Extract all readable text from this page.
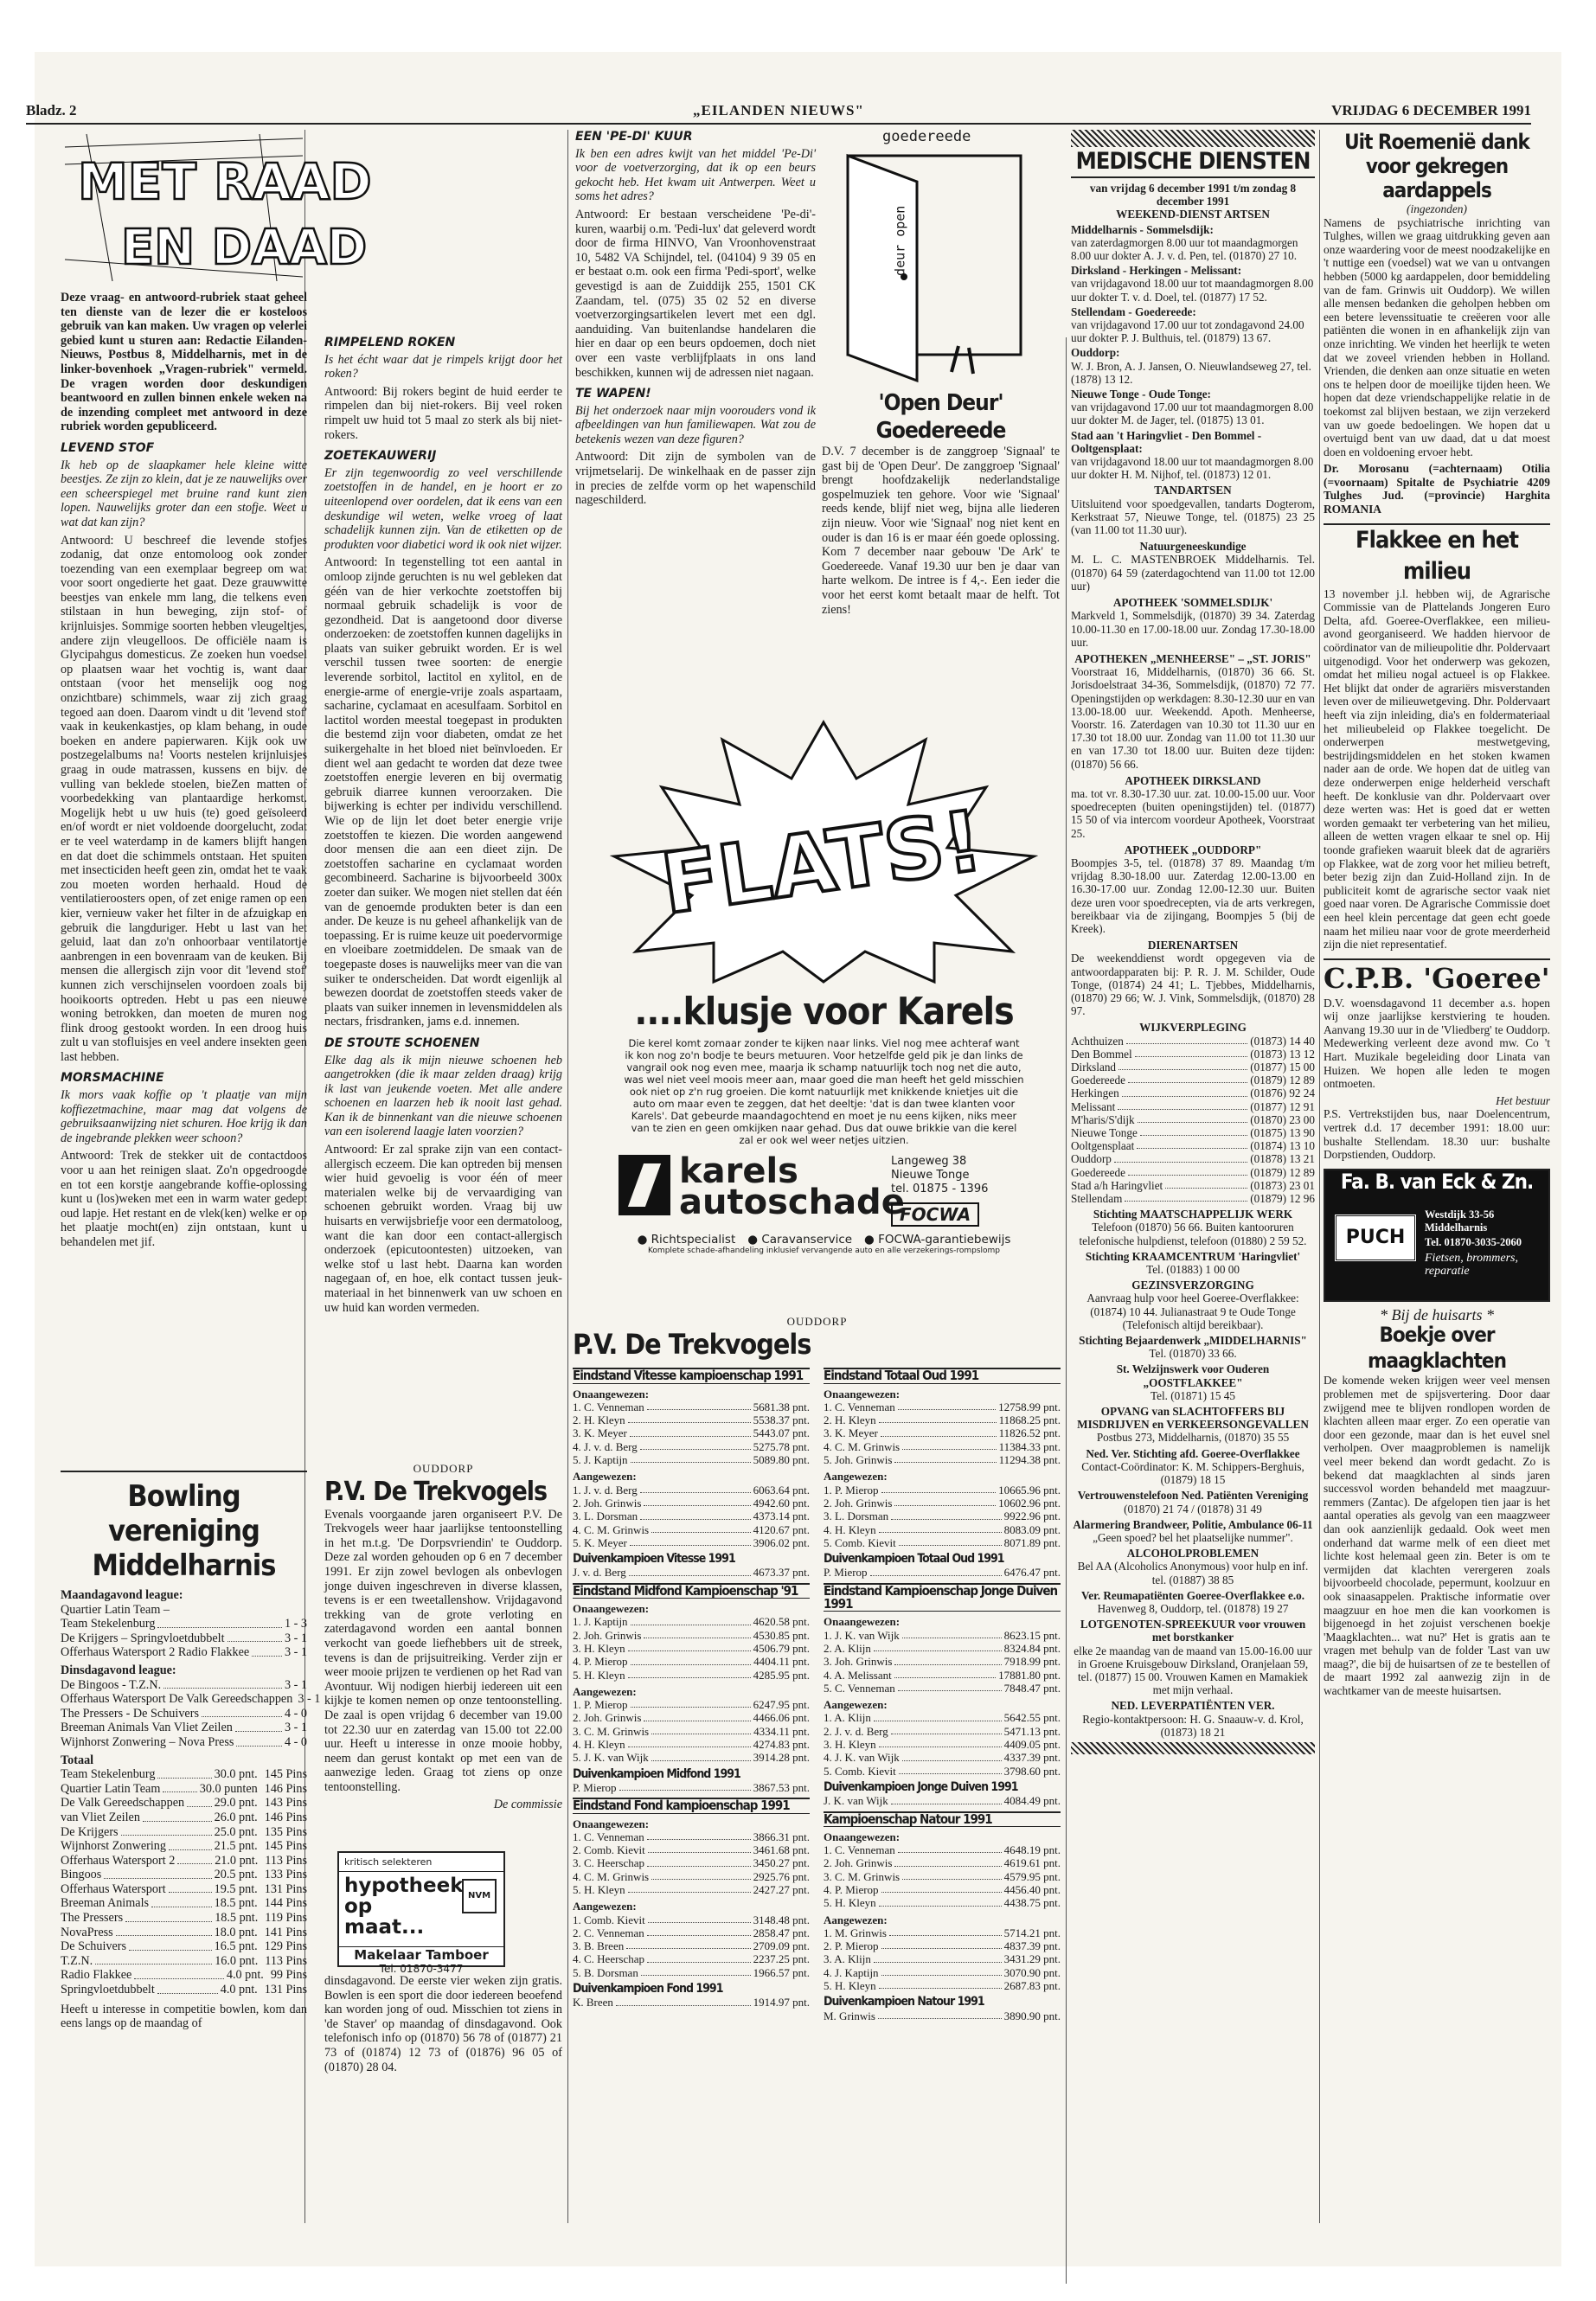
Bladz. 2	„EILANDEN NIEUWS"	VRIJDAG 6 DECEMBER 1991
MET RAAD
EN DAAD

Deze vraag- en antwoord-rubriek staat geheel ten dienste van de lezer die er kosteloos gebruik van kan maken. Uw vragen op velerlei gebied kunt u sturen aan: Redactie Eilanden-Nieuws, Postbus 8, Middelharnis, met in de linker-bovenhoek „Vragen-rubriek" vermeld. De vragen worden door deskundigen beantwoord en zullen binnen enkele weken na de inzending compleet met antwoord in deze rubriek worden gepubliceerd.

LEVEND STOF

Ik heb op de slaapkamer hele kleine witte beestjes. Ze zijn zo klein, dat je ze nauwelijks over een scheerspiegel met bruine rand kunt zien lopen. Nauwelijks groter dan een stofje. Weet u wat dat kan zijn?

Antwoord: U beschreef die levende stofjes zodanig, dat onze entomoloog ook zonder toezending van een exemplaar begreep om wat voor soort ongedierte het gaat. Deze grauwwitte beestjes van enkele mm lang, die telkens even stilstaan in hun beweging, zijn stof- of krijnluisjes. Sommige soorten hebben vleugeltjes, andere zijn vleugelloos. De officiële naam is Glycipahgus domesticus. Ze zoeken hun voedsel op plaatsen waar het vochtig is, want daar ontstaan (voor het menselijk oog nog onzichtbare) schimmels, waar zij zich graag tegoed aan doen. Daarom vindt u dit 'levend stof' vaak in keukenkastjes, op klam behang, in oude boeken en andere papierwaren. Kijk ook uw postzegelalbums na! Voorts nestelen krijnluisjes graag in oude matrassen, kussens en bijv. de vulling van beklede stoelen, bieZen matten of voorbedekking van plantaardige herkomst. Mogelijk hebt u uw huis (te) goed geïsoleerd en/of wordt er niet voldoende doorgelucht, zodat er te veel waterdamp in de kamers blijft hangen en dat doet die schimmels ontstaan. Het spuiten met insecticiden heeft geen zin, omdat het te vaak zou moeten worden herhaald. Houd de ventilatieroosters open, of zet enige ramen op een kier, vernieuw vaker het filter in de afzuigkap en gebruik die langduriger. Hebt u last van het geluid, laat dan zo'n onhoorbaar ventilatortje aanbrengen in een bovenraam van de keuken. Bij mensen die allergisch zijn voor dit 'levend stof' kunnen zich verschijnselen voordoen zoals bij hooikoorts optreden. Hebt u pas een nieuwe woning betrokken, dan moeten de muren nog flink droog gestookt worden. In een droog huis zult u van stofluisjes en veel andere insekten geen last hebben.

MORSMACHINE

Ik mors vaak koffie op 't plaatje van mijn koffiezetmachine, maar mag dat volgens de gebruiksaanwijzing niet schuren. Hoe krijg ik dan de ingebrande plekken weer schoon?

Antwoord: Trek de stekker uit de contactdoos voor u aan het reinigen slaat. Zo'n opgedroogde en tot een korstje aangebrande koffie-oplossing kunt u (los)weken met een in warm water gedept oud lapje. Het restant en de vlek(ken) welke er op het plaatje mocht(en) zijn ontstaan, kunt u behandelen met jif.

Bowling vereniging
Middelharnis
Maandagavond league:
Quartier Latin Team –
Team Stekelenburg	1 - 3
De Krijgers – Springvloetdubbelt	3 - 1
Offerhaus Watersport 2 Radio Flakkee	3 - 1
Dinsdagavond league:
De Bingoos - T.Z.N.	3 - 1
Offerhaus Watersport De Valk Gereedschappen 3 - 1
The Pressers - De Schuivers	4 - 0
Breeman Animals Van Vliet Zeilen	3 - 1
Wijnhorst Zonwering – Nova Press	4 - 0
Totaal
Team Stekelenburg	30.0 pnt. 145 Pins
Quartier Latin Team	30.0 punten 146 Pins
De Valk Gereedschappen 29.0 pnt. 143 Pins
van Vliet Zeilen	26.0 pnt. 146 Pins
De Krijgers	25.0 pnt. 135 Pins
Wijnhorst Zonwering	21.5 pnt. 145 Pins
Offerhaus Watersport 2	21.0 pnt. 113 Pins
Bingoos	20.5 pnt. 133 Pins
Offerhaus Watersport	19.5 pnt. 131 Pins
Breeman Animals	18.5 pnt. 144 Pins
The Pressers	18.5 pnt. 119 Pins
NovaPress	18.0 pnt. 141 Pins
De Schuivers	16.5 pnt. 129 Pins
T.Z.N.	16.0 pnt. 113 Pins
Radio Flakkee	4.0 pnt. 99 Pins
Springvloetdubbelt	4.0 pnt. 131 Pins

Heeft u interesse in competitie bowlen, kom dan eens langs op de maandag of

RIMPELEND ROKEN

Is het écht waar dat je rimpels krijgt door het roken?

Antwoord: Bij rokers begint de huid eerder te rimpelen dan bij niet-rokers. Bij veel roken rimpelt uw huid tot 5 maal zo sterk als bij niet-rokers.

ZOETEKAUWERIJ

Er zijn tegenwoordig zo veel verschillende zoetstoffen in de handel, en je hoort er zo uiteenlopend over oordelen, dat ik eens van een deskundige wil weten, welke vroeg of laat schadelijk kunnen zijn. Van de etiketten op de produkten voor diabetici word ik ook niet wijzer.

Antwoord: In tegenstelling tot een aantal in omloop zijnde geruchten is nu wel gebleken dat géén van de hier verkochte zoetstoffen bij normaal gebruik schadelijk is voor de gezondheid. Dat is aangetoond door diverse onderzoeken: de zoetstoffen kunnen dagelijks in plaats van suiker gebruikt worden. Er is wel verschil tussen twee soorten: de energie leverende sorbitol, lactitol en xylitol, en de energie-arme of energie-vrije zoals aspartaam, sacharine, cyclamaat en acesulfaam. Sorbitol en lactitol worden meestal toegepast in produkten die bestemd zijn voor diabeten, omdat ze het suikergehalte in het bloed niet beïnvloeden. Er dient wel aan gedacht te worden dat deze twee zoetstoffen energie leveren en bij overmatig gebruik diarree kunnen veroorzaken. Die bijwerking is echter per individu verschillend. Wie op de lijn let doet beter energie vrije zoetstoffen te kiezen. Die worden aangewend door mensen die aan een dieet zijn. De zoetstoffen sacharine en cyclamaat worden gecombineerd. Sacharine is bijvoorbeeld 300x zoeter dan suiker. We mogen niet stellen dat één van de genoemde produkten beter is dan een ander. De keuze is nu geheel afhankelijk van de toepassing. Er is ruime keuze uit poedervormige en vloeibare zoetmiddelen. De smaak van de toegepaste doses is nauwelijks meer van die van suiker te onderscheiden. Dat wordt eigenlijk al bewezen doordat de zoetstoffen steeds vaker de plaats van suiker innemen in levensmiddelen als nectars, frisdranken, jams e.d. innemen.

DE STOUTE SCHOENEN

Elke dag als ik mijn nieuwe schoenen heb aangetrokken (die ik maar zelden draag) krijg ik last van jeukende voeten. Met alle andere schoenen en laarzen heb ik nooit last gehad. Kan ik de binnenkant van die nieuwe schoenen van een isolerend laagje laten voorzien?

Antwoord: Er zal sprake zijn van een contact-allergisch eczeem. Die kan optreden bij mensen wier huid gevoelig is voor één of meer materialen welke bij de vervaardiging van schoenen gebruikt worden. Vraag bij uw huisarts en verwijsbriefje voor een dermatoloog, want die kan door een contact-allergisch onderzoek (epicutoontesten) uitzoeken, van welke stof u last hebt. Daarna kan worden nagegaan of, en hoe, elk contact tussen jeuk-materiaal in het binnenwerk van uw schoen en uw huid kan worden vermeden.

OUDDORP
P.V. De Trekvogels

Evenals voorgaande jaren organiseert P.V. De Trekvogels weer haar jaarlijkse tentoonstelling in het m.t.g. 'De Dorpsvriendin' te Ouddorp. Deze zal worden gehouden op 6 en 7 december 1991. Er zijn zowel bevlogen als onbevlogen jonge duiven ingeschreven in diverse klassen, tevens is er een tweetallenshow. Vrijdagavond trekking van de grote verloting en zaterdagavond worden een aantal bonnen verkocht van goede liefhebbers uit de streek, tevens is dan de prijsuitreiking. Verder zijn er weer mooie prijzen te verdienen op het Rad van Avontuur. Wij nodigen hierbij iedereen uit een kijkje te komen nemen op onze tentoonstelling. De zaal is open vrijdag 6 december van 19.00 tot 22.30 uur en zaterdag van 15.00 tot 22.00 uur. Heeft u interesse in onze mooie hobby, neem dan gerust kontakt op met een van de aanwezige leden. Graag tot ziens op onze tentoonstelling.

De commissie
kritisch selekteren
hypotheek op maat...
NVM
Makelaar Tamboer
Tel. 01870-3477

dinsdagavond. De eerste vier weken zijn gratis. Bowlen is een sport die door iedereen beoefend kan worden jong of oud. Misschien tot ziens in 'de Staver' op maandag of dinsdagavond. Ook telefonisch info op (01870) 56 78 of (01877) 21 73 of (01874) 12 73 of (01876) 96 05 of (01870) 28 04.

EEN 'PE-DI' KUUR

Ik ben een adres kwijt van het middel 'Pe-Di' voor de voetverzorging, dat ik op een beurs gekocht heb. Het kwam uit Antwerpen. Weet u soms het adres?

Antwoord: Er bestaan verscheidene 'Pe-di'-kuren, waarbij o.m. 'Pedi-lux' dat geleverd wordt door de firma HINVO, Van Vroonhovenstraat 10, 5482 VA Schijndel, tel. (04104) 9 39 05 en er bestaat o.m. ook een firma 'Pedi-sport', welke gevestigd is aan de Zuiddijk 255, 1501 CK Zaandam, tel. (075) 35 02 52 en diverse voetverzorgingsartikelen levert met een dgl. aanduiding. Van buitenlandse handelaren die hier en daar op een beurs opdoemen, doch niet over een vaste verblijfplaats in ons land beschikken, kunnen wij de adressen niet nagaan.

TE WAPEN!

Bij het onderzoek naar mijn voorouders vond ik afbeeldingen van hun familiewapen. Wat zou de betekenis wezen van deze figuren?

Antwoord: Dit zijn de symbolen van de vrijmetselarij. De winkelhaak en de passer zijn in precies de zelfde vorm op het wapenschild nageschilderd.

goedereede
deur open
'Open Deur' Goedereede

D.V. 7 december is de zanggroep 'Signaal' te gast bij de 'Open Deur'. De zanggroep 'Signaal' brengt hoofdzakelijk nederlandstalige gospelmuziek ten gehore. Voor wie 'Signaal' reeds kende, blijf niet weg, bijna alle liederen zijn nieuw. Voor wie 'Signaal' nog niet kent en ouder is dan 16 is er maar één goede oplossing. Kom 7 december naar gebouw 'De Ark' te Goedereede. Vanaf 19.30 uur ben je daar van harte welkom. De intree is f 4,-. Een ieder die voor het eerst komt betaalt maar de helft. Tot ziens!

FLATS!
....klusje voor Karels

Die kerel komt zomaar zonder te kijken naar links. Viel nog mee achteraf want ik kon nog zo'n bodje te beurs metuuren. Voor hetzelfde geld pik je dan links de vangrail ook nog even mee, maarja ik schamp natuurlijk toch nog net die auto, was wel niet veel moois meer aan, maar goed die man heeft het geld misschien ook niet op z'n rug groeien. Die komt natuurlijk met knikkende knietjes uit die auto om maar even te zeggen, dat het deeltje: 'dat is dan twee klanten voor Karels'. Dat gebeurde maandagochtend en moet je nu eens kijken, niks meer van te zien en geen omkijken naar gehad. Dus dat ouwe brikkie van die kerel zal er ook wel weer netjes uitzien.

karels
autoschade
Langeweg 38
Nieuwe Tonge
tel. 01875 - 1396
FOCWA
● Richtspecialist ● Caravanservice ● FOCWA-garantiebewijs
Komplete schade-afhandeling inklusief vervangende auto en alle verzekerings-rompslomp
OUDDORP
P.V. De Trekvogels
Eindstand Vitesse kampioenschap 1991
Onaangewezen:
1. C. Venneman	5681.38 pnt.
2. H. Kleyn	5538.37 pnt.
3. K. Meyer	5443.07 pnt.
4. J. v. d. Berg	5275.78 pnt.
5. J. Kaptijn	5089.80 pnt.
Aangewezen:
1. J. v. d. Berg	6063.64 pnt.
2. Joh. Grinwis	4942.60 pnt.
3. L. Dorsman	4373.14 pnt.
4. C. M. Grinwis	4120.67 pnt.
5. K. Meyer	3906.02 pnt.
Duivenkampioen Vitesse 1991
J. v. d. Berg	4673.37 pnt.
Eindstand Midfond Kampioenschap '91
Onaangewezen:
1. J. Kaptijn	4620.58 pnt.
2. Joh. Grinwis	4530.85 pnt.
3. H. Kleyn	4506.79 pnt.
4. P. Mierop	4404.11 pnt.
5. H. Kleyn	4285.95 pnt.
Aangewezen:
1. P. Mierop	6247.95 pnt.
2. Joh. Grinwis	4466.06 pnt.
3. C. M. Grinwis	4334.11 pnt.
4. H. Kleyn	4274.83 pnt.
5. J. K. van Wijk	3914.28 pnt.
Duivenkampioen Midfond 1991
P. Mierop	3867.53 pnt.
Eindstand Fond kampioenschap 1991
Onaangewezen:
1. C. Venneman	3866.31 pnt.
2. Comb. Kievit	3461.68 pnt.
3. C. Heerschap	3450.27 pnt.
4. C. M. Grinwis	2925.76 pnt.
5. H. Kleyn	2427.27 pnt.
Aangewezen:
1. Comb. Kievit	3148.48 pnt.
2. C. Venneman	2858.47 pnt.
3. B. Breen	2709.09 pnt.
4. C. Heerschap	2237.25 pnt.
5. B. Dorsman	1966.57 pnt.
Duivenkampioen Fond 1991
K. Breen	1914.97 pnt.
Eindstand Totaal Oud 1991
Onaangewezen:
1. C. Venneman	12758.99 pnt.
2. H. Kleyn	11868.25 pnt.
3. K. Meyer	11826.52 pnt.
4. C. M. Grinwis	11384.33 pnt.
5. Joh. Grinwis	11294.38 pnt.
Aangewezen:
1. P. Mierop	10665.96 pnt.
2. Joh. Grinwis	10602.96 pnt.
3. L. Dorsman	9922.96 pnt.
4. H. Kleyn	8083.09 pnt.
5. Comb. Kievit	8071.89 pnt.
Duivenkampioen Totaal Oud 1991
P. Mierop	6476.47 pnt.
Eindstand Kampioenschap Jonge Duiven 1991
Onaangewezen:
1. J. K. van Wijk	8623.15 pnt.
2. A. Klijn	8324.84 pnt.
3. Joh. Grinwis	7918.99 pnt.
4. A. Melissant	17881.80 pnt.
5. C. Venneman	7848.47 pnt.
Aangewezen:
1. A. Klijn	5642.55 pnt.
2. J. v. d. Berg	5471.13 pnt.
3. H. Kleyn	4409.05 pnt.
4. J. K. van Wijk	4337.39 pnt.
5. Comb. Kievit	3798.60 pnt.
Duivenkampioen Jonge Duiven 1991
J. K. van Wijk	4084.49 pnt.
Kampioenschap Natour 1991
Onaangewezen:
1. C. Venneman	4648.19 pnt.
2. Joh. Grinwis	4619.61 pnt.
3. C. M. Grinwis	4579.95 pnt.
4. P. Mierop	4456.40 pnt.
5. H. Kleyn	4438.75 pnt.
Aangewezen:
1. M. Grinwis	5714.21 pnt.
2. P. Mierop	4837.39 pnt.
3. A. Klijn	3431.29 pnt.
4. J. Kaptijn	3070.90 pnt.
5. H. Kleyn	2687.83 pnt.
Duivenkampioen Natour 1991
M. Grinwis	3890.90 pnt.
MEDISCHE DIENSTEN
van vrijdag 6 december 1991 t/m zondag 8 december 1991
WEEKEND-DIENST ARTSEN
Middelharnis - Sommelsdijk:
van zaterdagmorgen 8.00 uur tot maandagmorgen 8.00 uur dokter A. J. v. d. Pen, tel. (01870) 27 10.
Dirksland - Herkingen - Melissant:
van vrijdagavond 18.00 uur tot maandagmorgen 8.00 uur dokter T. v. d. Doel, tel. (01877) 17 52.
Stellendam - Goedereede:
van vrijdagavond 17.00 uur tot zondagavond 24.00 uur dokter P. J. Bulthuis, tel. (01879) 13 67.
Ouddorp:
W. J. Bron, A. J. Jansen, O. Nieuwlandseweg 27, tel. (1878) 13 12.
Nieuwe Tonge - Oude Tonge:
van vrijdagavond 17.00 uur tot maandagmorgen 8.00 uur dokter M. de Jager, tel. (01875) 13 01.
Stad aan 't Haringvliet - Den Bommel - Ooltgensplaat:
van vrijdagavond 18.00 uur tot maandagmorgen 8.00 uur dokter H. M. Nijhof, tel. (01873) 12 01.
TANDARTSEN

Uitsluitend voor spoedgevallen, tandarts Dogterom, Kerkstraat 57, Nieuwe Tonge, tel. (01875) 23 25 (van 11.00 tot 11.30 uur).

Natuurgeneeskundige

M. L. C. MASTENBROEK Middelharnis. Tel. (01870) 64 59 (zaterdagochtend van 11.00 tot 12.00 uur)

APOTHEEK 'SOMMELSDIJK'

Markveld 1, Sommelsdijk, (01870) 39 34. Zaterdag 10.00-11.30 en 17.00-18.00 uur. Zondag 17.30-18.00 uur.

APOTHEKEN „MENHEERSE" – „ST. JORIS"

Voorstraat 16, Middelharnis, (01870) 36 66. St. Jorisdoelstraat 34-36, Sommelsdijk, (01870) 72 77. Openingstijden op werkdagen: 8.30-12.30 uur en van 13.00-18.00 uur. Weekendd. Apoth. Menheerse, Voorstr. 16. Zaterdagen van 10.30 tot 11.30 uur en 17.30 tot 18.00 uur. Zondag van 11.00 tot 11.30 uur en van 17.30 tot 18.00 uur. Buiten deze tijden: (01870) 56 66.

APOTHEEK DIRKSLAND

ma. tot vr. 8.30-17.30 uur. zat. 10.00-15.00 uur. Voor spoedrecepten (buiten openingstijden) tel. (01877) 15 50 of via intercom voordeur Apotheek, Voorstraat 25.

APOTHEEK „OUDDORP"

Boompjes 3-5, tel. (01878) 37 89. Maandag t/m vrijdag 8.30-18.00 uur. Zaterdag 12.00-13.00 en 16.30-17.00 uur. Zondag 12.00-12.30 uur. Buiten deze uren voor spoedrecepten, via de arts verkregen, bereikbaar via de zijingang, Boompjes 5 (bij de Kreek).

DIERENARTSEN

De weekenddienst wordt opgegeven via de antwoordapparaten bij: P. R. J. M. Schilder, Oude Tonge, (01874) 24 41; L. Tjebbes, Middelharnis, (01870) 29 66; W. J. Vink, Sommelsdijk, (01870) 28 97.

WIJKVERPLEGING
Achthuizen	(01873) 14 40
Den Bommel	(01873) 13 12
Dirksland	(01877) 15 00
Goedereede	(01879) 12 89
Herkingen	(01876) 92 24
Melissant	(01877) 12 91
M'haris/S'dijk	(01870) 23 00
Nieuwe Tonge	(01875) 13 90
Ooltgensplaat	(01874) 13 10
Ouddorp	(01878) 13 21
Goedereede	(01879) 12 89
Stad a/h Haringvliet	(01873) 23 01
Stellendam	(01879) 12 96
Stichting MAATSCHAPPELIJK WERK
Telefoon (01870) 56 66. Buiten kantooruren telefonische hulpdienst, telefoon (01880) 2 59 52.
Stichting KRAAMCENTRUM 'Haringvliet'
Tel. (01883) 1 00 00
GEZINSVERZORGING
Aanvraag hulp voor heel Goeree-Overflakkee: (01874) 10 44. Julianastraat 9 te Oude Tonge (Telefonisch altijd bereikbaar).
Stichting Bejaardenwerk „MIDDELHARNIS"
Tel. (01870) 33 66.
St. Welzijnswerk voor Ouderen „OOSTFLAKKEE"
Tel. (01871) 15 45
OPVANG van SLACHTOFFERS BIJ MISDRIJVEN en VERKEERSONGEVALLEN
Postbus 273, Middelharnis, (01870) 35 55
Ned. Ver. Stichting afd. Goeree-Overflakkee
Contact-Coördinator: K. M. Schippers-Berghuis, (01879) 18 15
Vertrouwenstelefoon Ned. Patiënten Vereniging
(01870) 21 74 / (01878) 31 49
Alarmering Brandweer, Politie, Ambulance 06-11
„Geen spoed? bel het plaatselijke nummer".
ALCOHOLPROBLEMEN
Bel AA (Alcoholics Anonymous) voor hulp en inf. tel. (01887) 38 85
Ver. Reumapatiënten Goeree-Overflakkee e.o.
Havenweg 8, Ouddorp, tel. (01878) 19 27
LOTGENOTEN-SPREEKUUR voor vrouwen met borstkanker
elke 2e maandag van de maand van 15.00-16.00 uur in Groene Kruisgebouw Dirksland, Oranjelaan 59, tel. (01877) 15 00. Vrouwen Kamen en Mamakiek met mijn verhaal.
NED. LEVERPATIËNTEN VER.
Regio-kontaktpersoon: H. G. Snaauw-v. d. Krol, (01873) 18 21
Uit Roemenië dank voor gekregen aardappels
(ingezonden)

Namens de psychiatrische inrichting van Tulghes, willen we graag uitdrukking geven aan onze waardering voor de meest noodzakelijke en 't nuttige een (voedsel) wat we van u ontvangen hebben (5000 kg aardappelen, door bemiddeling van de fam. Grinwis uit Ouddorp). We willen alle mensen bedanken die geholpen hebben om een betere levenssituatie te creëeren voor alle patiënten die wonen in en afhankelijk zijn van onze inrichting. We vinden het heerlijk te weten dat we zoveel vrienden hebben in Holland. Vrienden, die denken aan onze situatie en weten ons te helpen door de moeilijke tijden heen. We hopen dat deze vriendschappelijke relatie in de toekomst zal blijven bestaan, we zijn verzekerd van uw goede bedoelingen. We hopen dat u overtuigd bent van uw daad, dat u dat moest doen en voldoening ervoer hebt.

Dr. Morosanu (=achternaam) Otilia (=voornaam) Spitalte de Psychiatrie 4209 Tulghes Jud. (=provincie) Harghita ROMANIA

Flakkee en het milieu

13 november j.l. hebben wij, de Agrarische Commissie van de Plattelands Jongeren Euro Delta, afd. Goeree-Overflakkee, een milieu-avond georganiseerd. We hadden hiervoor de coördinator van de milieupolitie dhr. Poldervaart uitgenodigd. Voor het onderwerp was gekozen, omdat het milieu nogal actueel is op Flakkee. Het blijkt dat onder de agrariërs misverstanden leven over de milieuwetgeving. Dhr. Poldervaart heeft via zijn inleiding, dia's en foldermateriaal het milieubeleid op Flakkee toegelicht. De onderwerpen mestwetgeving, bestrijdingsmiddelen en het stoken kwamen nader aan de orde. We hopen dat de uitleg van deze onderwerpen enige helderheid verschaft heeft. De konklusie van dhr. Poldervaart over deze werten was: Het is goed dat er wetten worden gemaakt ter verbetering van het milieu, alleen de wetten vragen elkaar te snel op. Hij toonde grafieken waaruit bleek dat de agrariërs op Flakkee, wat de zorg voor het milieu betreft, beter bezig zijn dan Zuid-Holland zijn. In de publiciteit komt de agrarische sector vaak niet goed naar voren. De Agrarische Commissie doet een heel klein percentage dat geen echt goede naam het milieu naar voor de grote meerderheid zijn die niet representatief.

C.P.B. 'Goeree'

D.V. woensdagavond 11 december a.s. hopen wij onze jaarlijkse kerstviering te houden. Aanvang 19.30 uur in de 'Vliedberg' te Ouddorp. Medewerking verleent deze avond mw. Co 't Hart. Muzikale begeleiding door Linata van Huizen. We hopen alle leden te mogen ontmoeten.

Het bestuur

P.S. Vertrekstijden bus, naar Doelencentrum, vertrek d.d. 17 december 1991: 18.00 uur: bushalte Stellendam. 18.30 uur: bushalte Dorpstienden, Ouddorp.

Fa. B. van Eck & Zn.
PUCH
Westdijk 33-56 Middelharnis
Tel. 01870-3035-2060
Fietsen, brommers, reparatie
* Bij de huisarts *
Boekje over maagklachten

De komende weken krijgen weer veel mensen problemen met de spijsvertering. Door daar zwijgend mee te blijven rondlopen worden de klachten alleen maar erger. Zo een operatie van door een gezonde, maar dan is het euvel snel verholpen. Over maagproblemen is namelijk veel meer bekend dan wordt gedacht. Zo is bekend dat maagklachten al sinds jaren successvol worden behandeld met maagzuur-remmers (Zantac). De afgelopen tien jaar is het aantal operaties als gevolg van een maagzweer dan ook aanzienlijk gedaald. Ook weet men onderhand dat warme melk of een dieet met lichte kost helemaal geen zin. Beter is om te vermijden dat klachten verergeren zoals bijvoorbeeld chocolade, pepermunt, koolzuur en ook sinaasappelen. Praktische informatie over maagzuur en hoe men die kan voorkomen is bijgenoegd in het zojuist verschenen boekje 'Maagklachten... wat nu?' Het is gratis aan te vragen met behulp van de folder 'Last van uw maag?', die bij de huisartsen of ze te bestellen of de maart 1992 zal aanwezig zijn in de wachtkamer van de meeste huisartsen.
